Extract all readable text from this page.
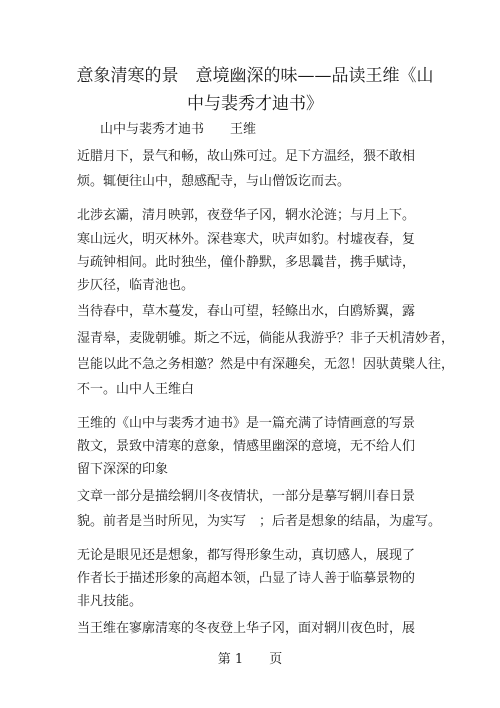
意象清寒的景　意境幽深的味——品读王维《山
中与裴秀才迪书》
山中与裴秀才迪书　　王维
近腊月下，景气和畅，故山殊可过。足下方温经，猥不敢相
烦。辄便往山中，憩感配寺，与山僧饭讫而去。
北涉玄灞，清月映郭，夜登华子冈，辋水沦涟；与月上下。
寒山远火，明灭林外。深巷寒犬，吠声如豹。村墟夜春，复
与疏钟相间。此时独坐，僮仆静默，多思曩昔，携手赋诗，
步仄径，临青池也。
当待春中，草木蔓发，春山可望，轻鲦出水，白鸥矫翼，露
湿青皋，麦陇朝雊。斯之不远，倘能从我游乎？非子天机清妙者，
岂能以此不急之务相邀？然是中有深趣矣，无忽！因驮黄檗人往，
不一。山中人王维白
王维的《山中与裴秀才迪书》是一篇充满了诗情画意的写景
散文，景致中清寒的意象，情感里幽深的意境，无不给人们
留下深深的印象
文章一部分是描绘辋川冬夜情状，一部分是摹写辋川春日景
貌。前者是当时所见，为实写　；后者是想象的结晶，为虚写。
无论是眼见还是想象，都写得形象生动，真切感人，展现了
作者长于描述形象的高超本领，凸显了诗人善于临摹景物的
非凡技能。
当王维在寥廓清寒的冬夜登上华子冈，面对辋川夜色时，展
第 1　　页
